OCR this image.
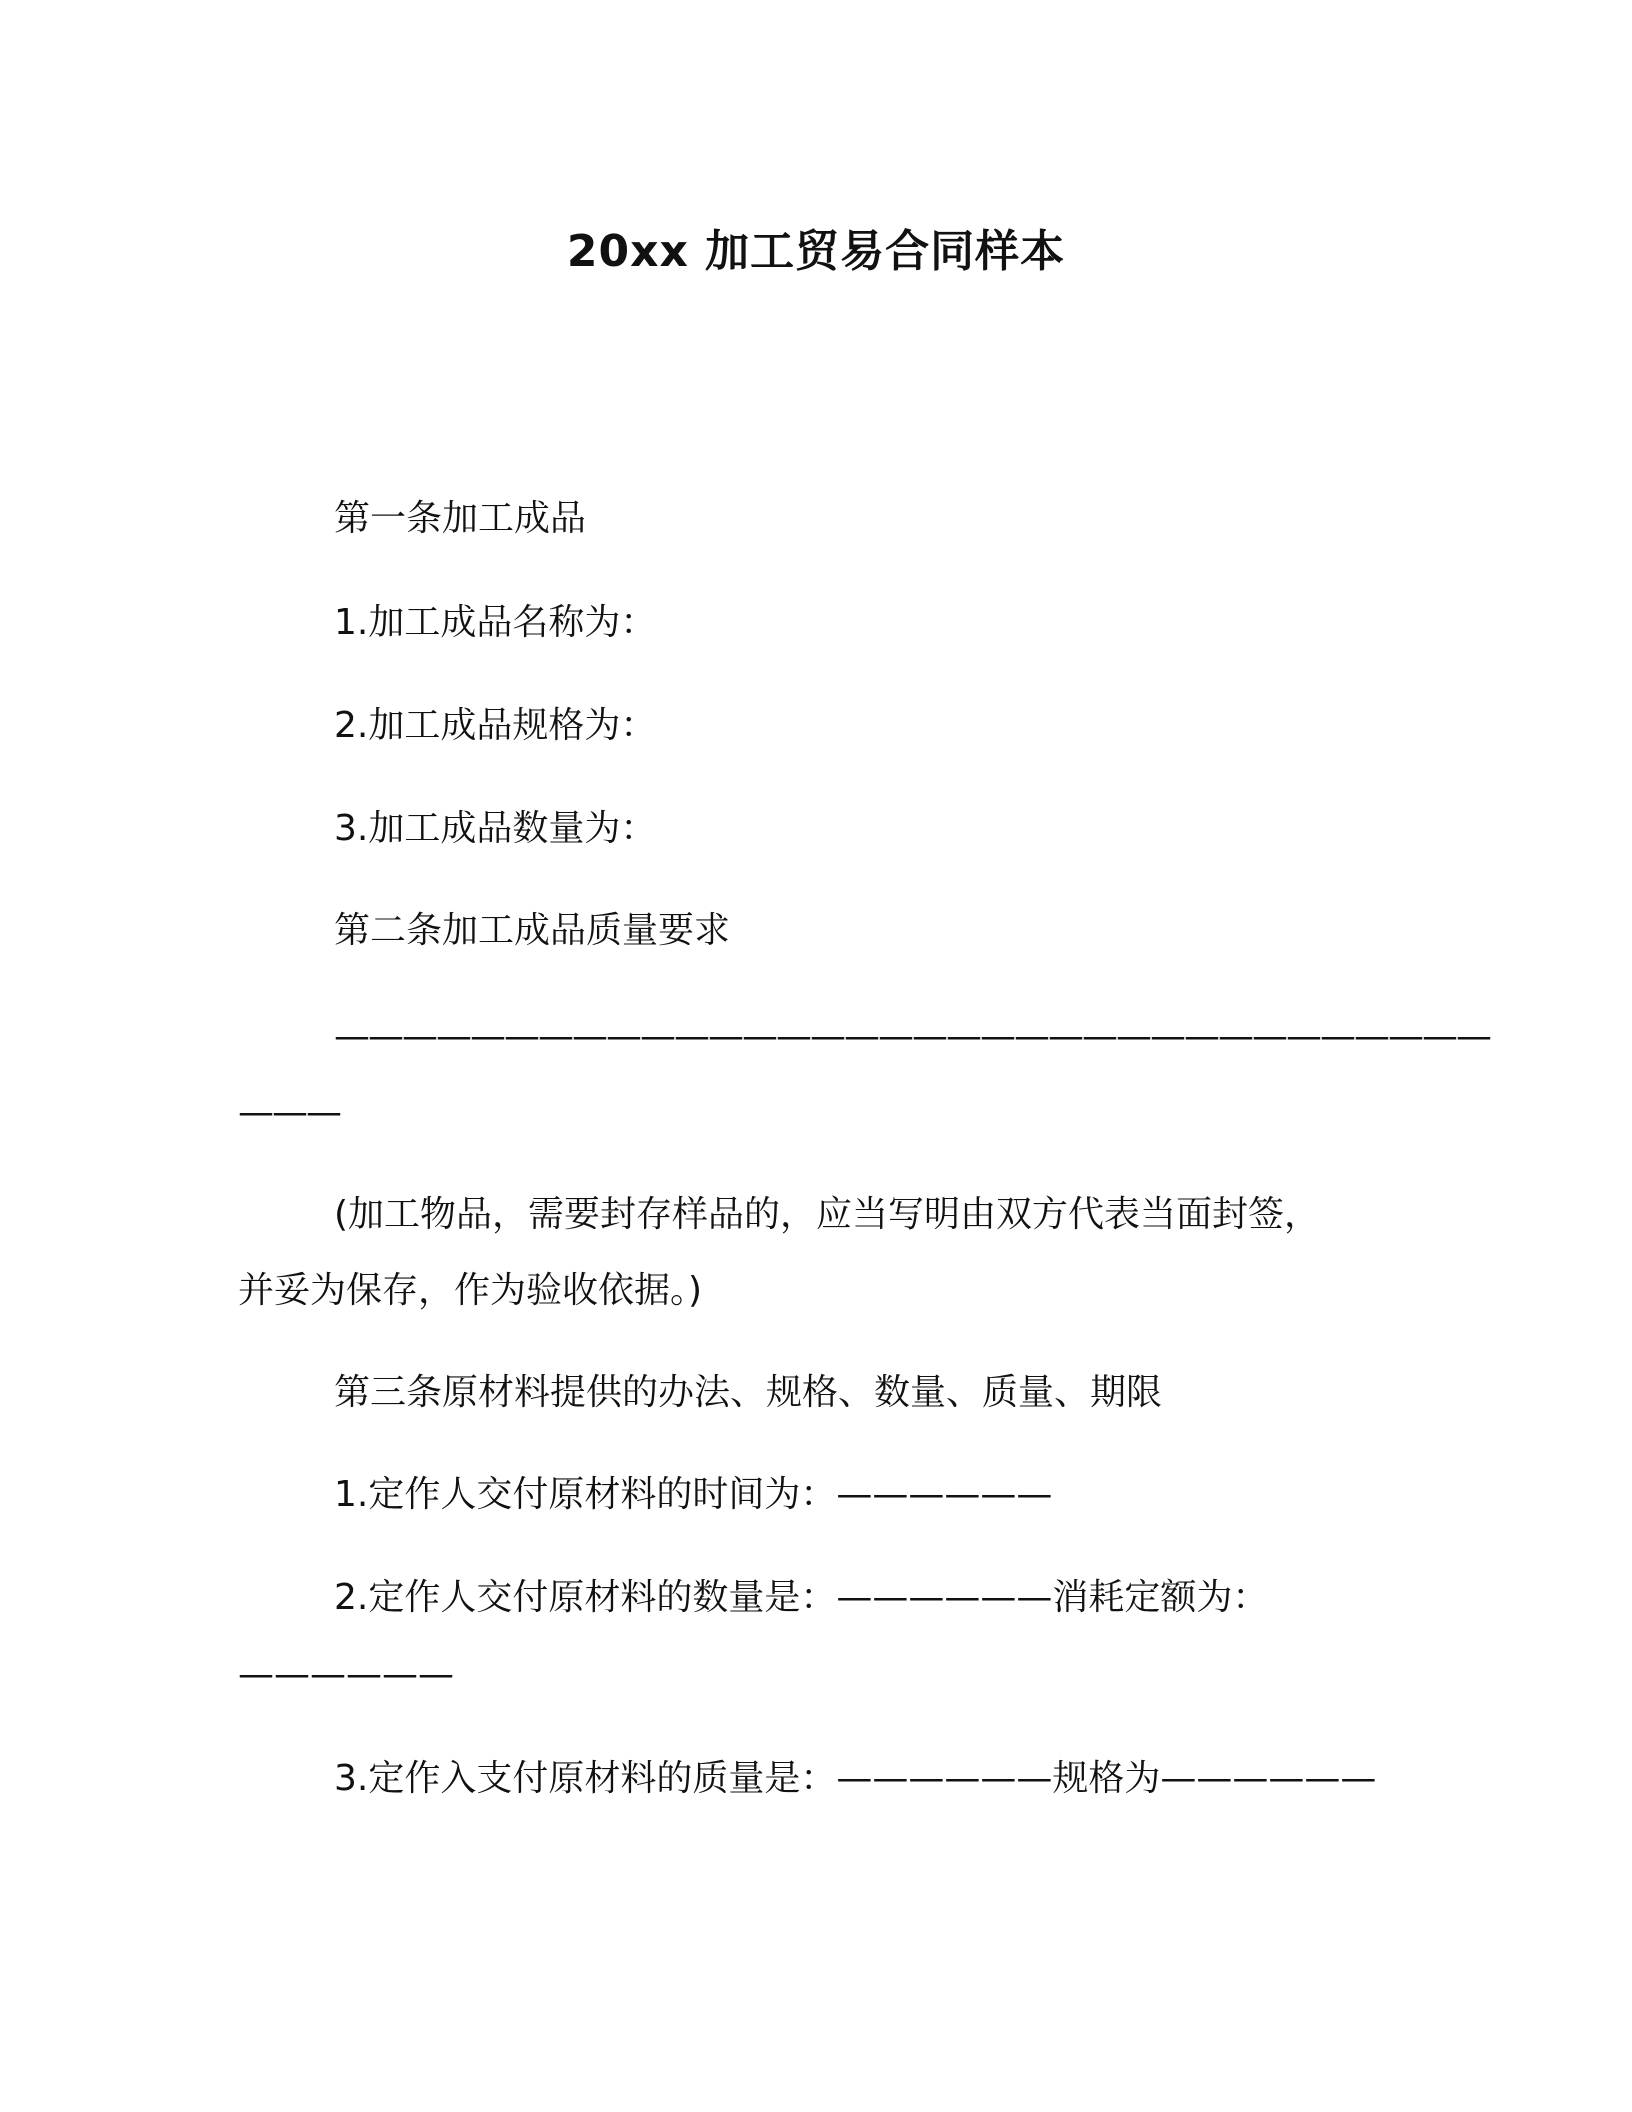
20xx 加工贸易合同样本
第一条加工成品
1.加工成品名称为：
2.加工成品规格为：
3.加工成品数量为：
第二条加工成品质量要求
——————————————————————————————————
———
(加工物品，需要封存样品的，应当写明由双方代表当面封签，
并妥为保存，作为验收依据。)
第三条原材料提供的办法、规格、数量、质量、期限
1.定作人交付原材料的时间为：——————
2.定作人交付原材料的数量是：——————消耗定额为：
——————
3.定作入支付原材料的质量是：——————规格为——————
